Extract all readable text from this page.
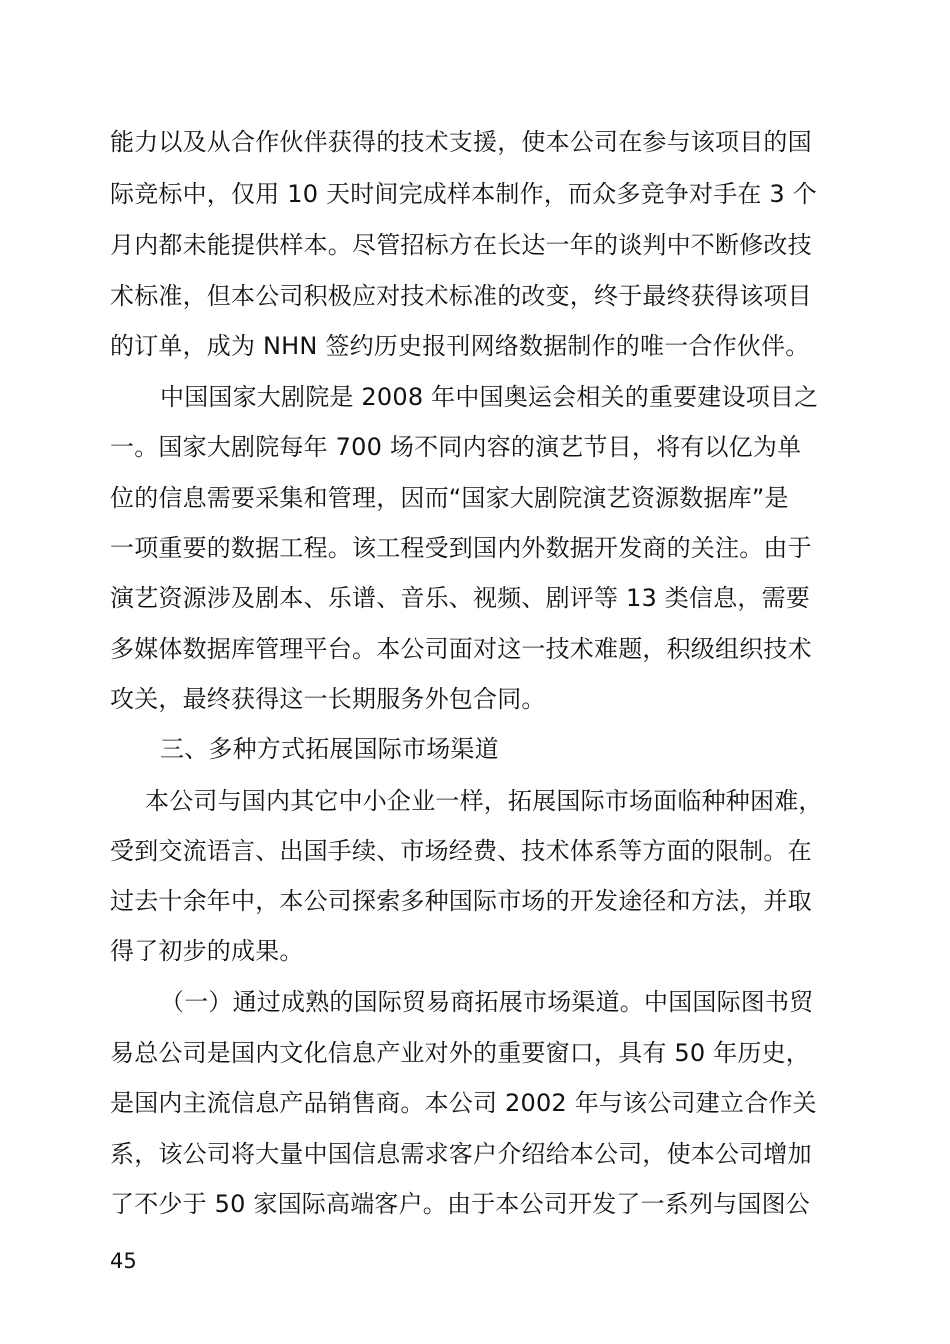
能力以及从合作伙伴获得的技术支援，使本公司在参与该项目的国
际竞标中，仅用 10 天时间完成样本制作，而众多竞争对手在 3 个
月内都未能提供样本。尽管招标方在长达一年的谈判中不断修改技
术标准，但本公司积极应对技术标准的改变，终于最终获得该项目
的订单，成为 NHN 签约历史报刊网络数据制作的唯一合作伙伴。
中国国家大剧院是 2008 年中国奥运会相关的重要建设项目之
一。国家大剧院每年 700 场不同内容的演艺节目，将有以亿为单
位的信息需要采集和管理，因而“国家大剧院演艺资源数据库”是
一项重要的数据工程。该工程受到国内外数据开发商的关注。由于
演艺资源涉及剧本、乐谱、音乐、视频、剧评等 13 类信息，需要
多媒体数据库管理平台。本公司面对这一技术难题，积级组织技术
攻关，最终获得这一长期服务外包合同。
三、多种方式拓展国际市场渠道
本公司与国内其它中小企业一样，拓展国际市场面临种种困难，
受到交流语言、出国手续、市场经费、技术体系等方面的限制。在
过去十余年中，本公司探索多种国际市场的开发途径和方法，并取
得了初步的成果。
（一）通过成熟的国际贸易商拓展市场渠道。中国国际图书贸
易总公司是国内文化信息产业对外的重要窗口，具有 50 年历史，
是国内主流信息产品销售商。本公司 2002 年与该公司建立合作关
系，该公司将大量中国信息需求客户介绍给本公司，使本公司增加
了不少于 50 家国际高端客户。由于本公司开发了一系列与国图公
45
